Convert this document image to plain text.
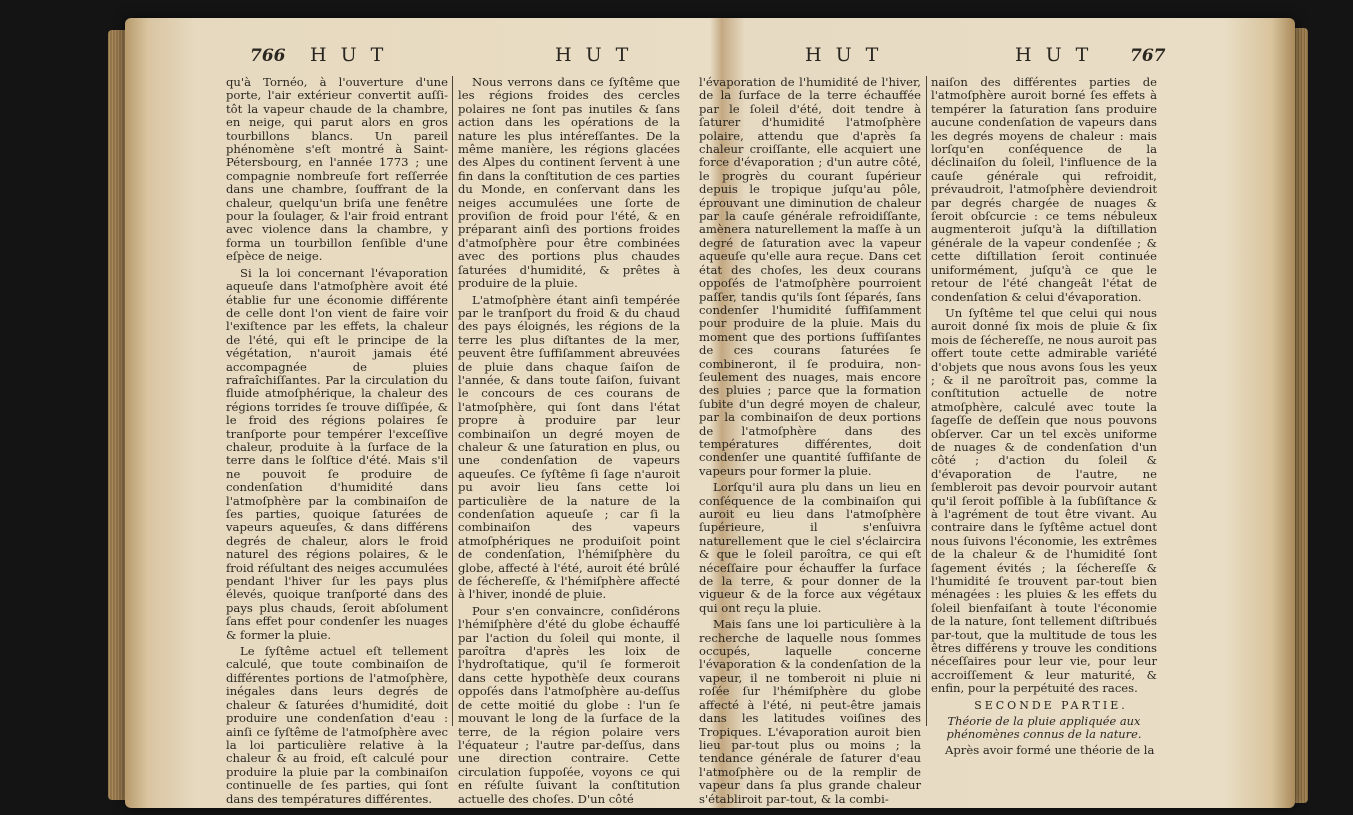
766 H U T	H U T

qu'à Tornéo, à l'ouverture d'une porte, l'air extérieur convertit auſſi-tôt la vapeur chaude de la chambre, en neige, qui parut alors en gros tourbillons blancs. Un pareil phénomène s'eſt montré à Saint-Pétersbourg, en l'année 1773 ; une compagnie nombreuſe fort reſſerrée dans une chambre, ſouffrant de la chaleur, quelqu'un briſa une fenêtre pour la ſoulager, & l'air froid entrant avec violence dans la chambre, y forma un tourbillon ſenſible d'une eſpèce de neige.

Si la loi concernant l'évaporation aqueuſe dans l'atmoſphère avoit été établie fur une économie différente de celle dont l'on vient de faire voir l'exiſtence par les effets, la chaleur de l'été, qui eſt le principe de la végétation, n'auroit jamais été accompagnée de pluies rafraîchiſſantes. Par la circulation du fluide atmoſphérique, la chaleur des régions torrides ſe trouve diſſipée, & le froid des régions polaires ſe tranſporte pour tempérer l'exceſſive chaleur, produite à la ſurface de la terre dans le ſolſtice d'été. Mais s'il ne pouvoit ſe produire de condenſation d'humidité dans l'atmoſphère par la combinaiſon de ſes parties, quoique ſaturées de vapeurs aqueuſes, & dans différens degrés de chaleur, alors le froid naturel des régions polaires, & le froid réſultant des neiges accumulées pendant l'hiver ſur les pays plus élevés, quoique tranſporté dans des pays plus chauds, ſeroit abſolument ſans effet pour condenſer les nuages & former la pluie.

Le ſyſtême actuel eſt tellement calculé, que toute combinaiſon de différentes portions de l'atmoſphère, inégales dans leurs degrés de chaleur & ſaturées d'humidité, doit produire une condenſation d'eau : ainſi ce ſyſtême de l'atmoſphère avec la loi particulière relative à la chaleur & au froid, eſt calculé pour produire la pluie par la combinaiſon continuelle de ſes parties, qui ſont dans des températures différentes.

Nous verrons dans ce ſyſtême que les régions froides des cercles polaires ne ſont pas inutiles & ſans action dans les opérations de la nature les plus intéreſſantes. De la même manière, les régions glacées des Alpes du continent ſervent à une fin dans la conſtitution de ces parties du Monde, en conſervant dans les neiges accumulées une ſorte de proviſion de froid pour l'été, & en préparant ainſi des portions froides d'atmoſphère pour être combinées avec des portions plus chaudes ſaturées d'humidité, & prêtes à produire de la pluie.

L'atmoſphère étant ainſi tempérée par le tranſport du froid & du chaud des pays éloignés, les régions de la terre les plus diſtantes de la mer, peuvent être ſuffiſamment abreuvées de pluie dans chaque ſaiſon de l'année, & dans toute ſaiſon, ſuivant le concours de ces courans de l'atmoſphère, qui ſont dans l'état propre à produire par leur combinaiſon un degré moyen de chaleur & une ſaturation en plus, ou une condenſation de vapeurs aqueuſes. Ce ſyſtême ſi ſage n'auroit pu avoir lieu ſans cette loi particulière de la nature de la condenſation aqueuſe ; car ſi la combinaiſon des vapeurs atmoſphériques ne produiſoit point de condenſation, l'hémiſphère du globe, affecté à l'été, auroit été brûlé de ſéchereſſe, & l'hémiſphère affecté à l'hiver, inondé de pluie.

Pour s'en convaincre, conſidérons l'hémiſphère d'été du globe échauffé par l'action du ſoleil qui monte, il paroîtra d'après les loix de l'hydroſtatique, qu'il ſe formeroit dans cette hypothèſe deux courans oppoſés dans l'atmoſphère au-deſſus de cette moitié du globe : l'un ſe mouvant le long de la ſurface de la terre, de la région polaire vers l'équateur ; l'autre par-deſſus, dans une direction contraire. Cette circulation ſuppoſée, voyons ce qui en réſulte ſuivant la conſtitution actuelle des choſes. D'un côté

H U T	H U T 767

l'évaporation de l'humidité de l'hiver, de la ſurface de la terre échauffée par le ſoleil d'été, doit tendre à ſaturer d'humidité l'atmoſphère polaire, attendu que d'après ſa chaleur croiſſante, elle acquiert une force d'évaporation ; d'un autre côté, le progrès du courant ſupérieur depuis le tropique juſqu'au pôle, éprouvant une diminution de chaleur par la cauſe générale refroidiſſante, amènera naturellement la maſſe à un degré de ſaturation avec la vapeur aqueuſe qu'elle aura reçue. Dans cet état des choſes, les deux courans oppoſés de l'atmoſphère pourroient paſſer, tandis qu'ils ſont ſéparés, ſans condenſer l'humidité ſuffiſamment pour produire de la pluie. Mais du moment que des portions ſuffiſantes de ces courans ſaturées ſe combineront, il ſe produira, non-ſeulement des nuages, mais encore des pluies ; parce que la formation ſubite d'un degré moyen de chaleur, par la combinaiſon de deux portions de l'atmoſphère dans des températures différentes, doit condenſer une quantité ſuffiſante de vapeurs pour former la pluie.

Lorſqu'il aura plu dans un lieu en conſéquence de la combinaiſon qui auroit eu lieu dans l'atmoſphère ſupérieure, il s'enſuivra naturellement que le ciel s'éclaircira & que le ſoleil paroîtra, ce qui eſt néceſſaire pour échauffer la ſurface de la terre, & pour donner de la vigueur & de la force aux végétaux qui ont reçu la pluie.

Mais ſans une loi particulière à la recherche de laquelle nous ſommes occupés, laquelle concerne l'évaporation & la condenſation de la vapeur, il ne tomberoit ni pluie ni roſée ſur l'hémiſphère du globe affecté à l'été, ni peut-être jamais dans les latitudes voiſines des Tropiques. L'évaporation auroit bien lieu par-tout plus ou moins ; la tendance générale de ſaturer d'eau l'atmoſphère ou de la remplir de vapeur dans ſa plus grande chaleur s'établiroit par-tout, & la combi-

naiſon des différentes parties de l'atmoſphère auroit borné ſes effets à tempérer la ſaturation ſans produire aucune condenſation de vapeurs dans les degrés moyens de chaleur : mais lorſqu'en conſéquence de la déclinaiſon du ſoleil, l'influence de la cauſe générale qui refroidit, prévaudroit, l'atmoſphère deviendroit par degrés chargée de nuages & ſeroit obſcurcie : ce tems nébuleux augmenteroit juſqu'à la diſtillation générale de la vapeur condenſée ; & cette diſtillation ſeroit continuée uniformément, juſqu'à ce que le retour de l'été changeât l'état de condenſation & celui d'évaporation.

Un ſyſtême tel que celui qui nous auroit donné ſix mois de pluie & ſix mois de ſéchereſſe, ne nous auroit pas offert toute cette admirable variété d'objets que nous avons ſous les yeux ; & il ne paroîtroit pas, comme la conſtitution actuelle de notre atmoſphère, calculé avec toute la ſageſſe de deſſein que nous pouvons obſerver. Car un tel excès uniforme de nuages & de condenſation d'un côté ; d'action du ſoleil & d'évaporation de l'autre, ne ſembleroit pas devoir pourvoir autant qu'il ſeroit poſſible à la ſubſiſtance & à l'agrément de tout être vivant. Au contraire dans le ſyſtême actuel dont nous ſuivons l'économie, les extrêmes de la chaleur & de l'humidité ſont ſagement évités ; la ſéchereſſe & l'humidité ſe trouvent par-tout bien ménagées : les pluies & les effets du ſoleil bienfaiſant à toute l'économie de la nature, ſont tellement diſtribués par-tout, que la multitude de tous les êtres différens y trouve les conditions néceſſaires pour leur vie, pour leur accroiſſement & leur maturité, & enfin, pour la perpétuité des races.

SECONDE PARTIE.

Théorie de la pluie appliquée aux phénomènes connus de la nature.

Après avoir formé une théorie de la
